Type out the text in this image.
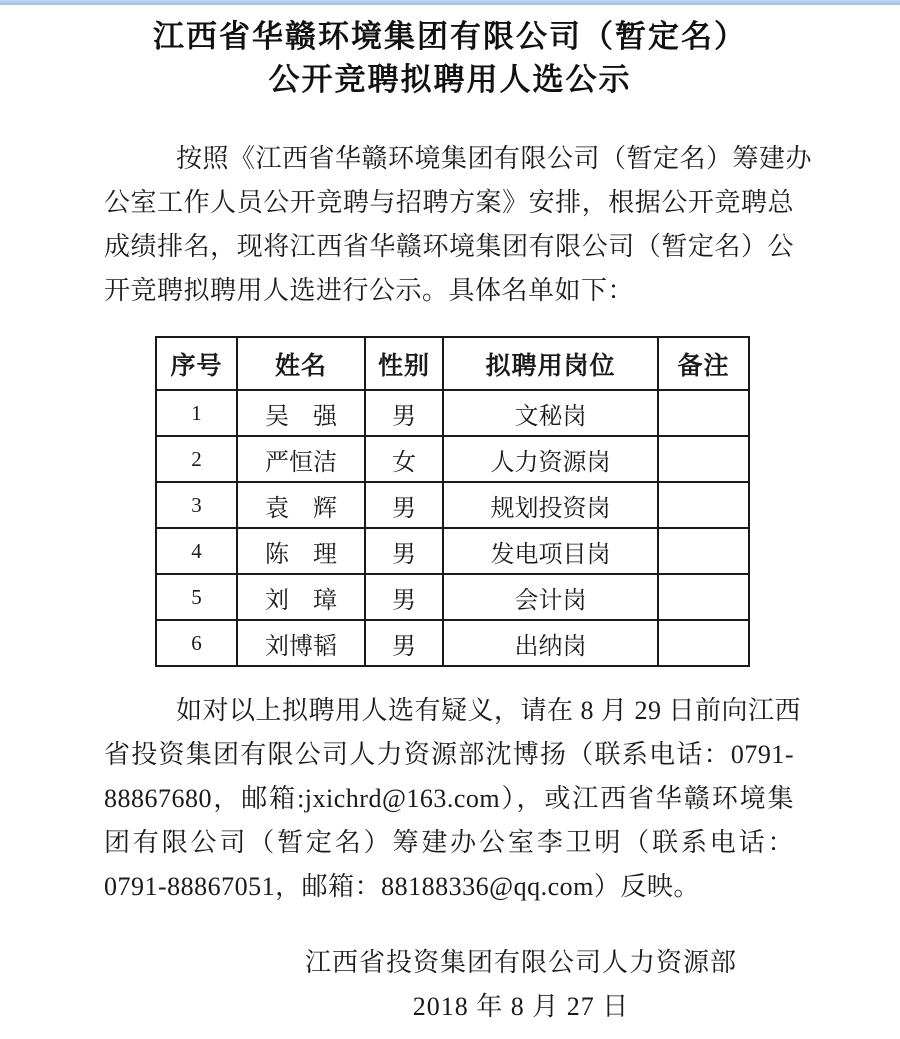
江西省华赣环境集团有限公司（暂定名）
公开竞聘拟聘用人选公示
按照《江西省华赣环境集团有限公司（暂定名）筹建办
公室工作人员公开竞聘与招聘方案》安排，根据公开竞聘总
成绩排名，现将江西省华赣环境集团有限公司（暂定名）公
开竞聘拟聘用人选进行公示。具体名单如下：
序号	姓名	性别	拟聘用岗位	备注
1	吴　强	男	文秘岗	
2	严恒洁	女	人力资源岗	
3	袁　辉	男	规划投资岗	
4	陈　理	男	发电项目岗	
5	刘　璋	男	会计岗	
6	刘博韬	男	出纳岗	
如对以上拟聘用人选有疑义，请在 8 月 29 日前向江西
省投资集团有限公司人力资源部沈博扬（联系电话：0791-
88867680，邮箱:jxichrd@163.com），或江西省华赣环境集
团有限公司（暂定名）筹建办公室李卫明（联系电话：
0791-88867051，邮箱：88188336@qq.com）反映。
江西省投资集团有限公司人力资源部
2018 年 8 月 27 日
